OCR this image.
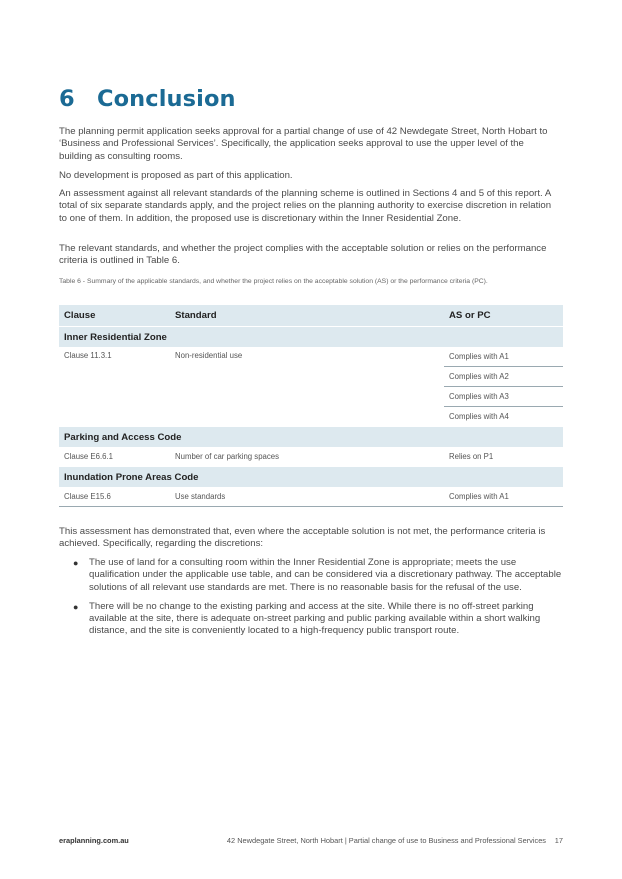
6 Conclusion

The planning permit application seeks approval for a partial change of use of 42 Newdegate Street, North Hobart to ‘Business and Professional Services’. Specifically, the application seeks approval to use the upper level of the building as consulting rooms.

No development is proposed as part of this application.

An assessment against all relevant standards of the planning scheme is outlined in Sections 4 and 5 of this report. A total of six separate standards apply, and the project relies on the planning authority to exercise discretion in relation to one of them. In addition, the proposed use is discretionary within the Inner Residential Zone.

The relevant standards, and whether the project complies with the acceptable solution or relies on the performance criteria is outlined in Table 6.

Table 6 - Summary of the applicable standards, and whether the project relies on the acceptable solution (AS) or the performance criteria (PC).

Clause	Standard	AS or PC
Inner Residential Zone		
Clause 11.3.1	Non-residential use	Complies with A1
		Complies with A2
		Complies with A3
		Complies with A4
Parking and Access Code		
Clause E6.6.1	Number of car parking spaces	Relies on P1
Inundation Prone Areas Code		
Clause E15.6	Use standards	Complies with A1

This assessment has demonstrated that, even where the acceptable solution is not met, the performance criteria is achieved. Specifically, regarding the discretions:

● The use of land for a consulting room within the Inner Residential Zone is appropriate; meets the use qualification under the applicable use table, and can be considered via a discretionary pathway. The acceptable solutions of all relevant use standards are met. There is no reasonable basis for the refusal of the use.
● There will be no change to the existing parking and access at the site. While there is no off-street parking available at the site, there is adequate on-street parking and public parking available within a short walking distance, and the site is conveniently located to a high-frequency public transport route.
eraplanning.com.au	42 Newdegate Street, North Hobart | Partial change of use to Business and Professional Services 17
